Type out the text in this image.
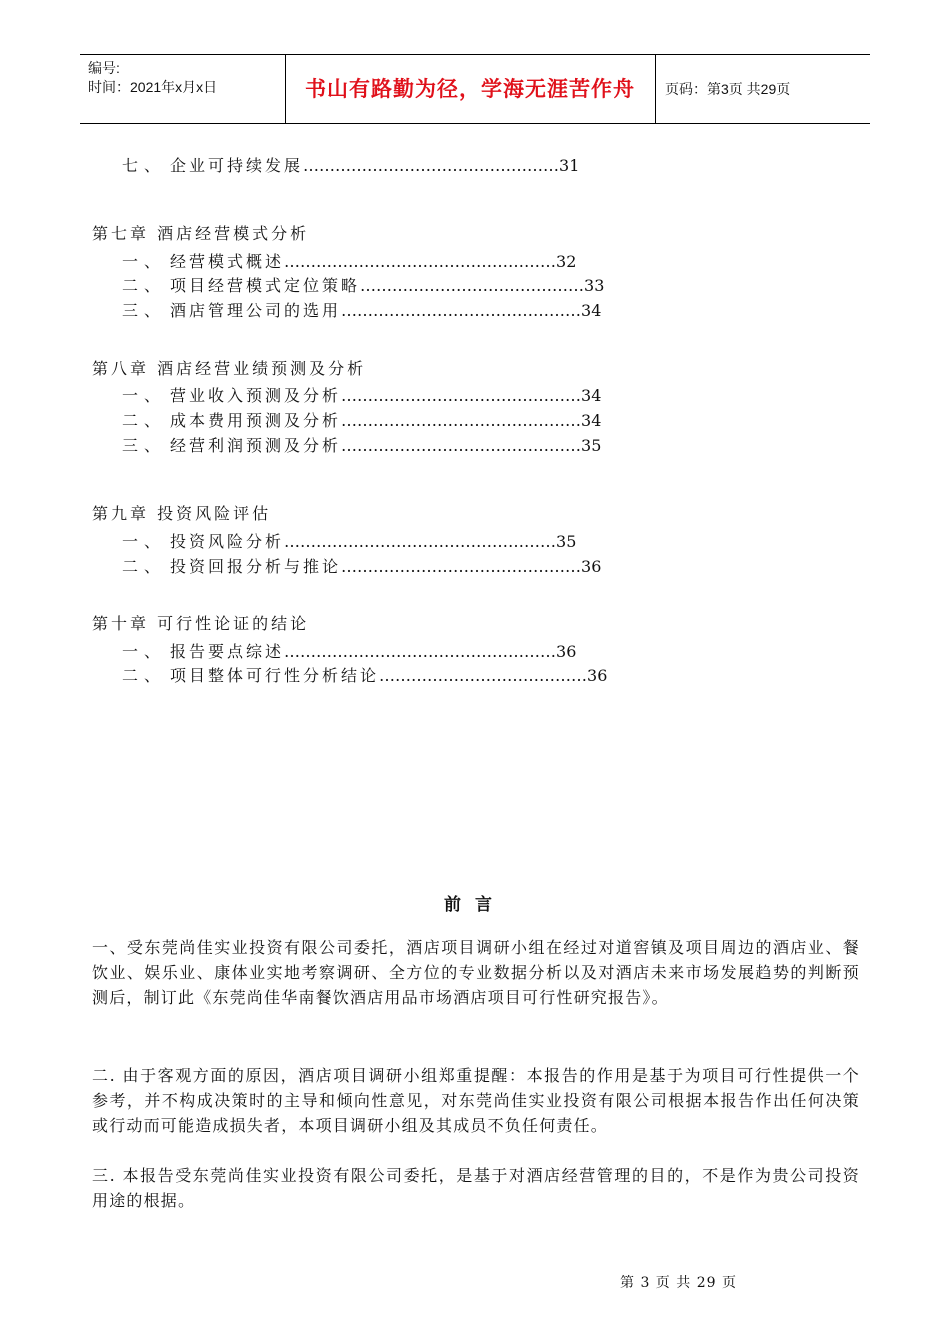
编号:
时间：2021年x月x日	书山有路勤为径，学海无涯苦作舟	页码：第3页 共29页
七、 企业可持续发展…………………………………………31
第七章 酒店经营模式分析
一、 经营模式概述……………………………………………32
二、 项目经营模式定位策略……………………………………33
三、 酒店管理公司的选用………………………………………34
第八章 酒店经营业绩预测及分析
一、 营业收入预测及分析………………………………………34
二、 成本费用预测及分析………………………………………34
三、 经营利润预测及分析………………………………………35
第九章 投资风险评估
一、 投资风险分析……………………………………………35
二、 投资回报分析与推论………………………………………36
第十章 可行性论证的结论
一、 报告要点综述……………………………………………36
二、 项目整体可行性分析结论…………………………………36
前言
一、受东莞尚佳实业投资有限公司委托，酒店项目调研小组在经过对道窖镇及项目周边的酒店业、餐饮业、娱乐业、康体业实地考察调研、全方位的专业数据分析以及对酒店未来市场发展趋势的判断预测后，制订此《东莞尚佳华南餐饮酒店用品市场酒店项目可行性研究报告》。
二. 由于客观方面的原因，酒店项目调研小组郑重提醒：本报告的作用是基于为项目可行性提供一个参考，并不构成决策时的主导和倾向性意见，对东莞尚佳实业投资有限公司根据本报告作出任何决策或行动而可能造成损失者，本项目调研小组及其成员不负任何责任。
三. 本报告受东莞尚佳实业投资有限公司委托，是基于对酒店经营管理的目的，不是作为贵公司投资用途的根据。
第 3 页 共 29 页
